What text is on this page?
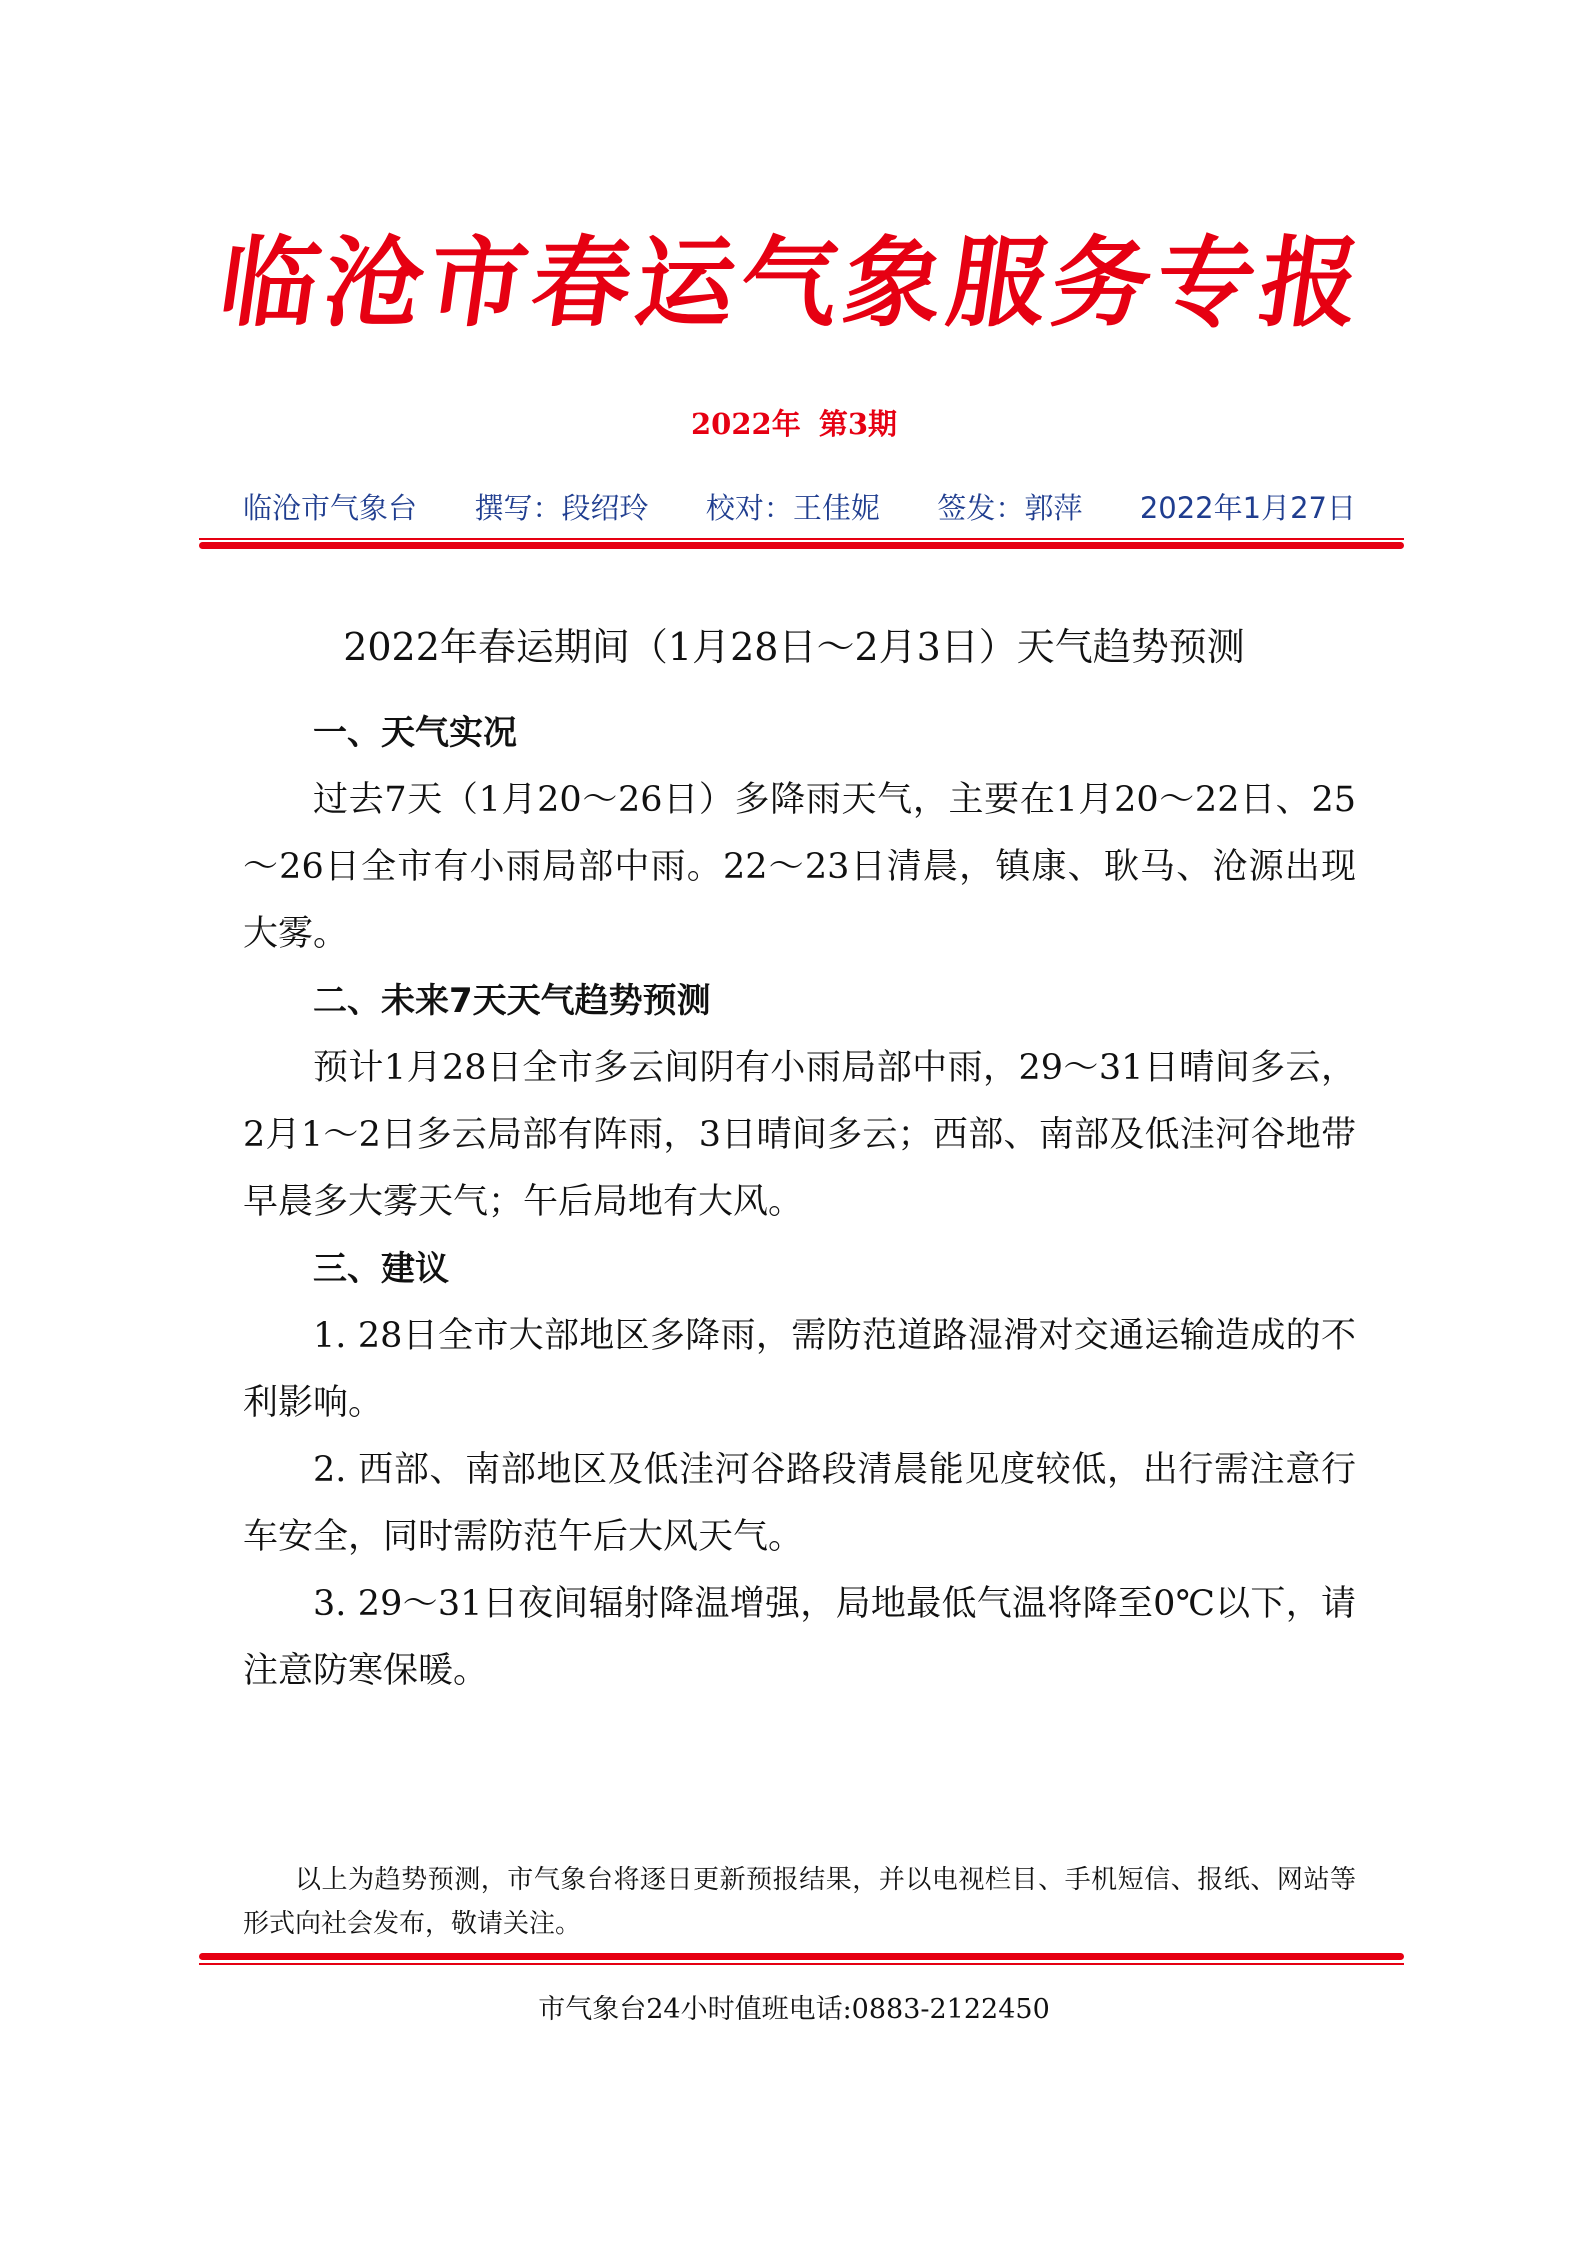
临沧市春运气象服务专报
2022年 第3期
临沧市气象台 撰写：段绍玲 校对：王佳妮 签发：郭萍 2022年1月27日
2022年春运期间（1月28日～2月3日）天气趋势预测

一、天气实况

过去7天（1月20～26日）多降雨天气，主要在1月20～22日、25～26日全市有小雨局部中雨。22～23日清晨，镇康、耿马、沧源出现大雾。

二、未来7天天气趋势预测

预计1月28日全市多云间阴有小雨局部中雨，29～31日晴间多云，2月1～2日多云局部有阵雨，3日晴间多云；西部、南部及低洼河谷地带早晨多大雾天气；午后局地有大风。

三、建议

1. 28日全市大部地区多降雨，需防范道路湿滑对交通运输造成的不利影响。

2. 西部、南部地区及低洼河谷路段清晨能见度较低，出行需注意行车安全，同时需防范午后大风天气。

3. 29～31日夜间辐射降温增强，局地最低气温将降至0℃以下，请注意防寒保暖。

以上为趋势预测，市气象台将逐日更新预报结果，并以电视栏目、手机短信、报纸、网站等形式向社会发布，敬请关注。
市气象台24小时值班电话:0883-2122450
